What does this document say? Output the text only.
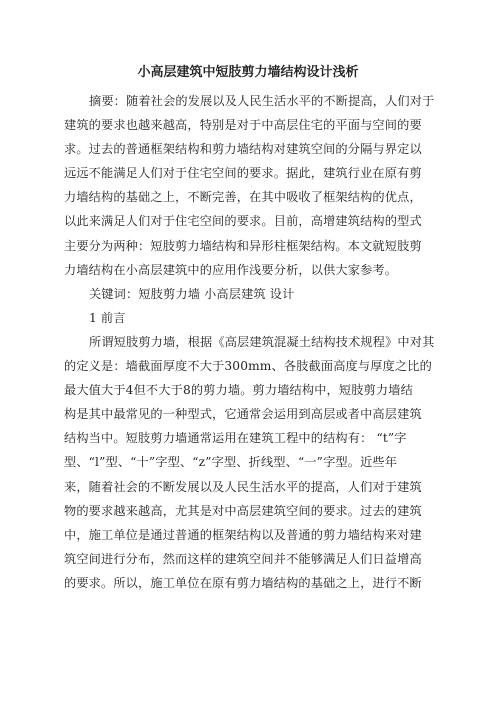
小高层建筑中短肢剪力墙结构设计浅析
摘要：随着社会的发展以及人民生活水平的不断提高，人们对于
建筑的要求也越来越高，特别是对于中高层住宅的平面与空间的要
求。过去的普通框架结构和剪力墙结构对建筑空间的分隔与界定以
远远不能满足人们对于住宅空间的要求。据此，建筑行业在原有剪
力墙结构的基础之上，不断完善，在其中吸收了框架结构的优点，
以此来满足人们对于住宅空间的要求。目前，高增建筑结构的型式
主要分为两种：短肢剪力墙结构和异形柱框架结构。本文就短肢剪
力墙结构在小高层建筑中的应用作浅要分析，以供大家参考。
关键词：短肢剪力墙 小高层建筑 设计
1 前言
所谓短肢剪力墙，根据《高层建筑混凝土结构技术规程》中对其
的定义是：墙截面厚度不大于300mm、各肢截面高度与厚度之比的
最大值大于4但不大于8的剪力墙。剪力墙结构中，短肢剪力墙结
构是其中最常见的一种型式，它通常会运用到高层或者中高层建筑
结构当中。短肢剪力墙通常运用在建筑工程中的结构有： “t”字
型、“l”型、“十”字型、“z”字型、折线型、“一”字型。近些年
来，随着社会的不断发展以及人民生活水平的提高，人们对于建筑
物的要求越来越高，尤其是对中高层建筑空间的要求。过去的建筑
中，施工单位是通过普通的框架结构以及普通的剪力墙结构来对建
筑空间进行分布，然而这样的建筑空间并不能够满足人们日益增高
的要求。所以，施工单位在原有剪力墙结构的基础之上，进行不断
